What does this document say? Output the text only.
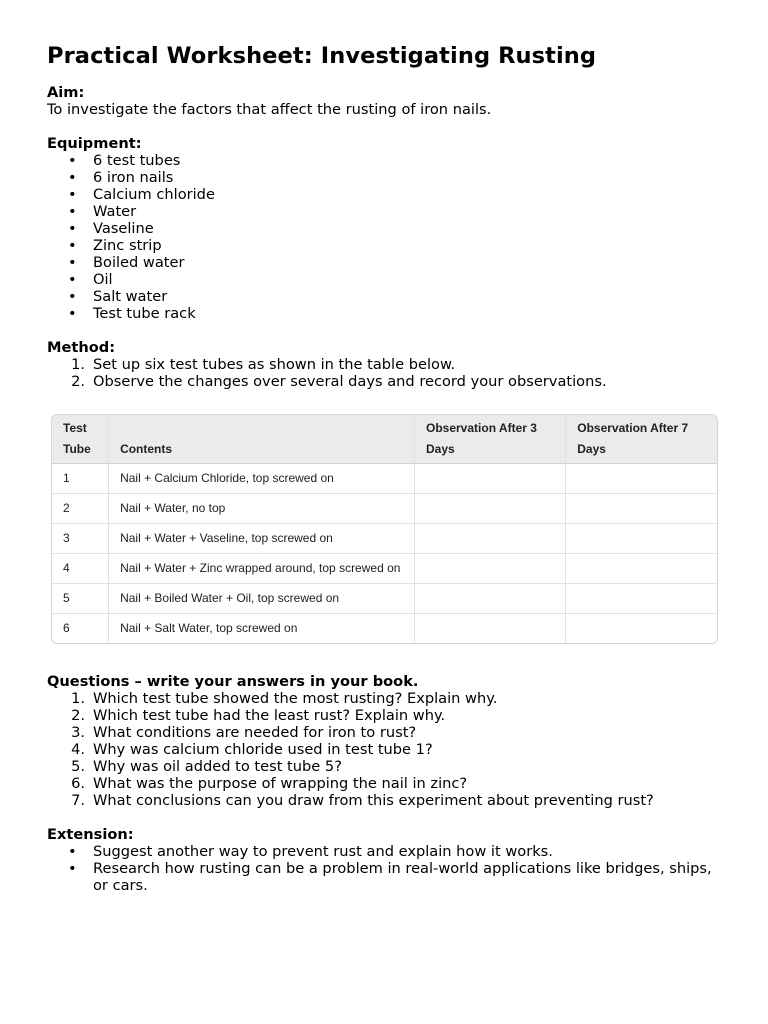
Practical Worksheet: Investigating Rusting

Aim:

To investigate the factors that affect the rusting of iron nails.

Equipment:

• 6 test tubes
• 6 iron nails
• Calcium chloride
• Water
• Vaseline
• Zinc strip
• Boiled water
• Oil
• Salt water
• Test tube rack

Method:

1. Set up six test tubes as shown in the table below.
2. Observe the changes over several days and record your observations.
Test Tube	Contents	Observation After 3 Days	Observation After 7 Days
1	Nail + Calcium Chloride, top screwed on		
2	Nail + Water, no top		
3	Nail + Water + Vaseline, top screwed on		
4	Nail + Water + Zinc wrapped around, top screwed on		
5	Nail + Boiled Water + Oil, top screwed on		
6	Nail + Salt Water, top screwed on		

Questions – write your answers in your book.

1. Which test tube showed the most rusting? Explain why.
2. Which test tube had the least rust? Explain why.
3. What conditions are needed for iron to rust?
4. Why was calcium chloride used in test tube 1?
5. Why was oil added to test tube 5?
6. What was the purpose of wrapping the nail in zinc?
7. What conclusions can you draw from this experiment about preventing rust?

Extension:

• Suggest another way to prevent rust and explain how it works.
• Research how rusting can be a problem in real-world applications like bridges, ships, or cars.
